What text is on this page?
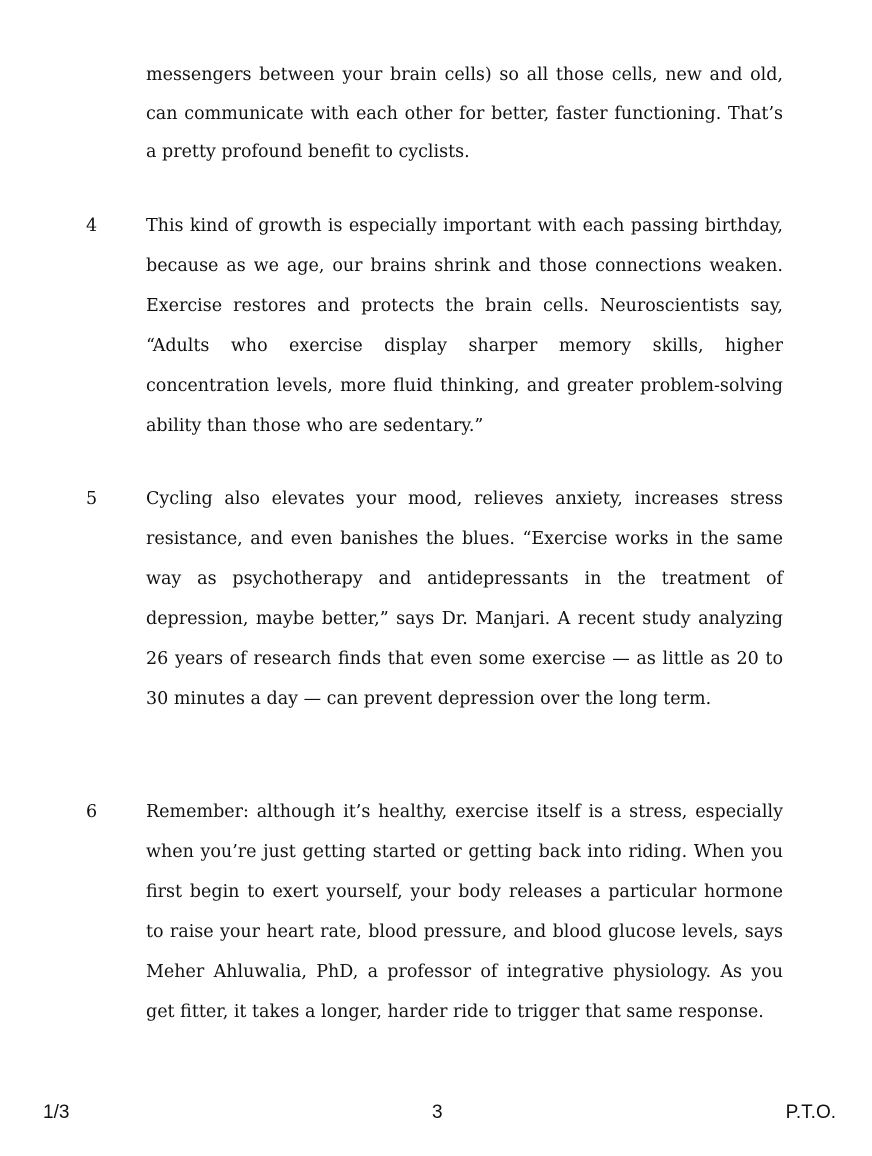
messengers between your brain cells) so all those cells, new and old, can communicate with each other for better, faster functioning. That’s a pretty profound benefit to cyclists.

4	This kind of growth is especially important with each passing birthday, because as we age, our brains shrink and those connections weaken. Exercise restores and protects the brain cells. Neuroscientists say, “Adults who exercise display sharper memory skills, higher concentration levels, more fluid thinking, and greater problem-solving ability than those who are sedentary.”

5	Cycling also elevates your mood, relieves anxiety, increases stress resistance, and even banishes the blues. “Exercise works in the same way as psychotherapy and antidepressants in the treatment of depression, maybe better,” says Dr. Manjari. A recent study analyzing 26 years of research finds that even some exercise — as little as 20 to 30 minutes a day — can prevent depression over the long term.

6	Remember: although it’s healthy, exercise itself is a stress, especially when you’re just getting started or getting back into riding. When you first begin to exert yourself, your body releases a particular hormone to raise your heart rate, blood pressure, and blood glucose levels, says Meher Ahluwalia, PhD, a professor of integrative physiology. As you get fitter, it takes a longer, harder ride to trigger that same response.

1/3	3	P.T.O.
